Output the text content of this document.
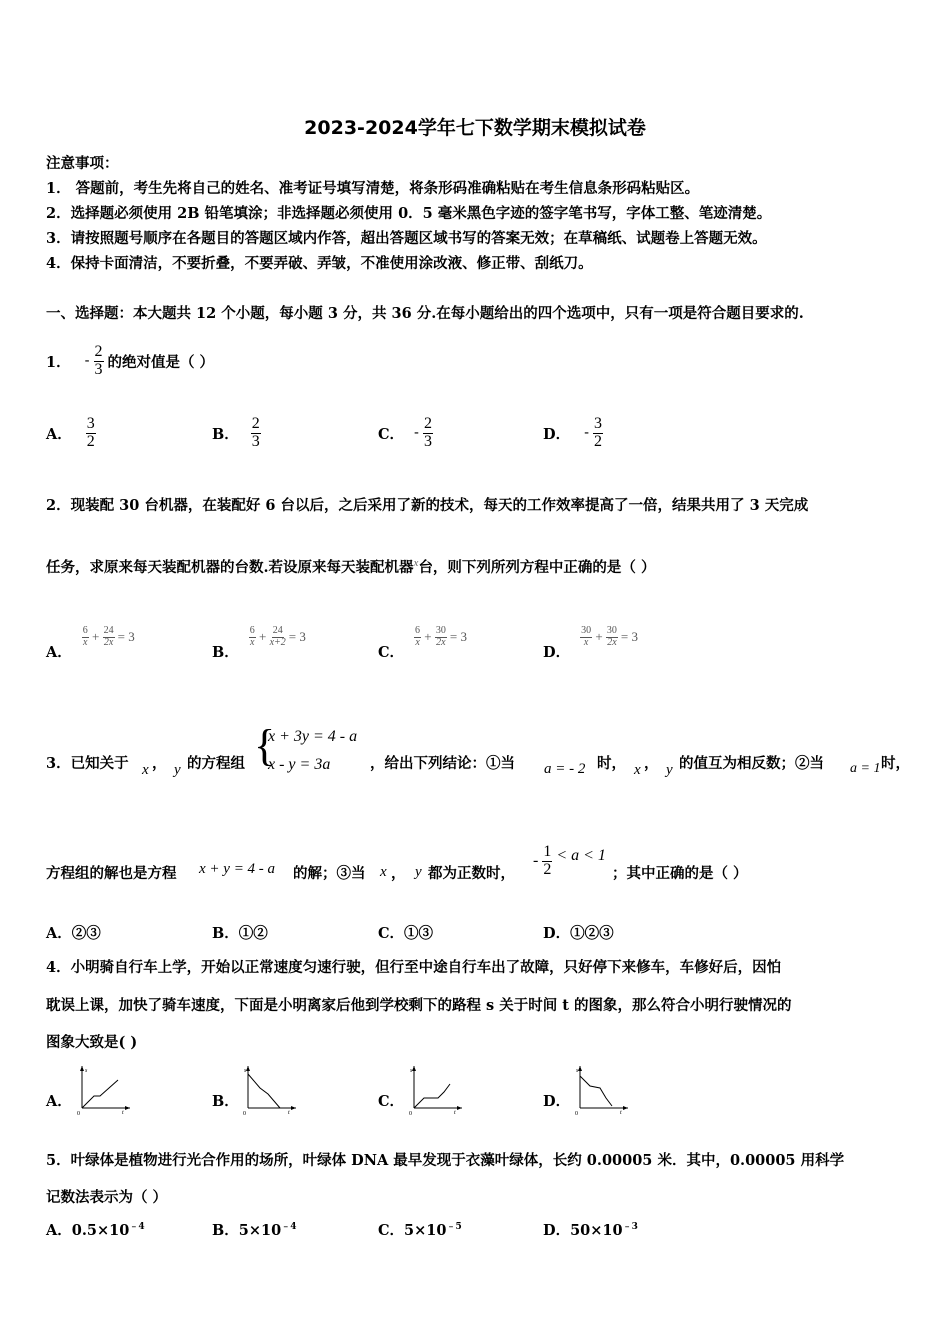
2023-2024学年七下数学期末模拟试卷
注意事项：
1． 答题前，考生先将自己的姓名、准考证号填写清楚，将条形码准确粘贴在考生信息条形码粘贴区。
2．选择题必须使用 2B 铅笔填涂；非选择题必须使用 0．5 毫米黑色字迹的签字笔书写，字体工整、笔迹清楚。
3．请按照题号顺序在各题目的答题区域内作答，超出答题区域书写的答案无效；在草稿纸、试题卷上答题无效。
4．保持卡面清洁，不要折叠，不要弄破、弄皱，不准使用涂改液、修正带、刮纸刀。
一、选择题：本大题共 12 个小题，每小题 3 分，共 36 分.在每小题给出的四个选项中，只有一项是符合题目要求的.
1． - $\frac{2}{3}$ 的绝对值是（ ）
A． $\frac{3}{2}$	B． $\frac{2}{3}$	C． - $\frac{2}{3}$	D． - $\frac{3}{2}$
2．现装配 30 台机器，在装配好 6 台以后，之后采用了新的技术，每天的工作效率提高了一倍，结果共用了 3 天完成
任务，求原来每天装配机器的台数.若设原来每天装配机器$^x$台，则下列所列方程中正确的是（ ）
A．
$\frac{6}{x} + \frac{24}{2x} = 3$
B．
$\frac{6}{x} + \frac{24}{x+2} = 3$
C．
$\frac{6}{x} + \frac{30}{2x} = 3$
D．
$\frac{30}{x} + \frac{30}{2x} = 3$
3．已知关于 x ， y 的方程组 {
x + 3y = 4 - a
x - y = 3a	，给出下列结论：①当 a = - 2 时， x ， y 的值互为相反数；②当 a = 1 时，
方程组的解也是方程 x + y = 4 - a 的解；③当 x ， y 都为正数时，
- $\frac{1}{2} < a < 1$
；其中正确的是（ ）
A．②③	B．①②	C．①③	D．①②③
4．小明骑自行车上学，开始以正常速度匀速行驶，但行至中途自行车出了故障，只好停下来修车，车修好后，因怕
耽误上课，加快了骑车速度，下面是小明离家后他到学校剩下的路程 s 关于时间 t 的图象，那么符合小明行驶情况的
图象大致是( )
A．	B．	C．	D．
s
t
0
s
t
0
s
t
0
s
t
0
5．叶绿体是植物进行光合作用的场所，叶绿体 DNA 最早发现于衣藻叶绿体，长约 0.00005 米．其中，0.00005 用科学
记数法表示为（ ）
A．$0.5\times 10^{﹣4}$	B．$5\times 10^{﹣4}$	C．$5\times 10^{﹣5}$	D．$50\times 10^{﹣3}$
